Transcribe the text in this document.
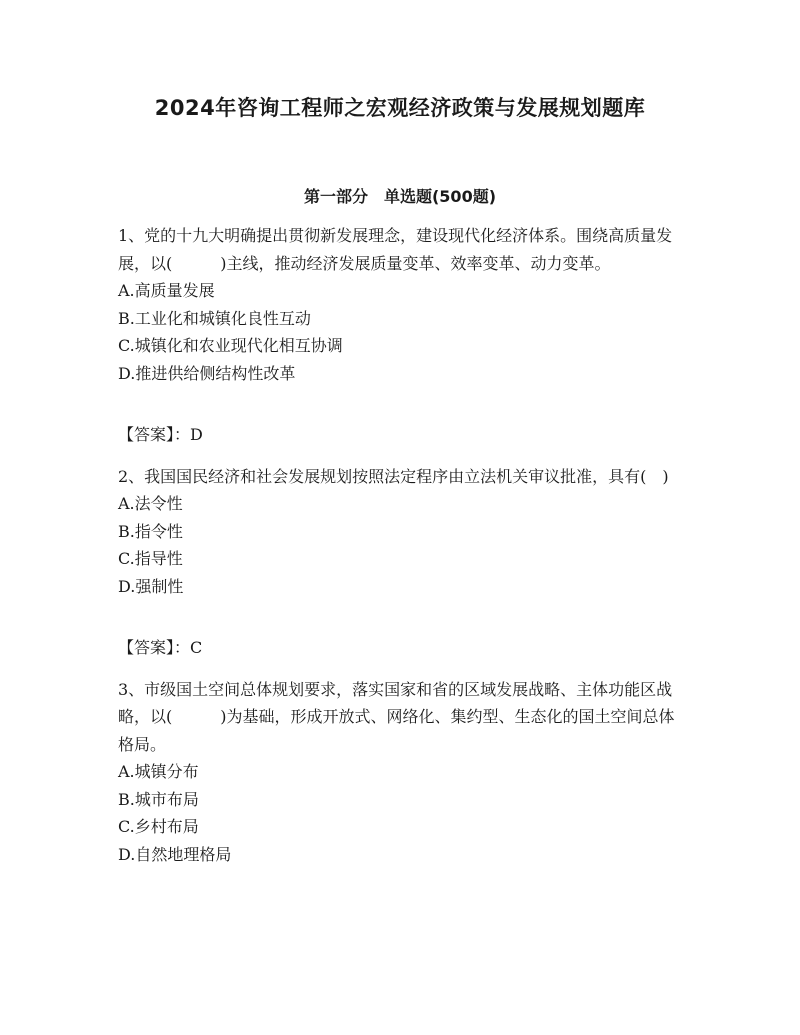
2024年咨询工程师之宏观经济政策与发展规划题库
第一部分　单选题(500题)

1、党的十九大明确提出贯彻新发展理念，建设现代化经济体系。围绕高质量发展，以(　　　)主线，推动经济发展质量变革、效率变革、动力变革。

A.高质量发展

B.工业化和城镇化良性互动

C.城镇化和农业现代化相互协调

D.推进供给侧结构性改革

【答案】：D

2、我国国民经济和社会发展规划按照法定程序由立法机关审议批准，具有(　)

A.法令性

B.指令性

C.指导性

D.强制性

【答案】：C

3、市级国土空间总体规划要求，落实国家和省的区域发展战略、主体功能区战略，以(　　　)为基础，形成开放式、网络化、集约型、生态化的国土空间总体格局。

A.城镇分布

B.城市布局

C.乡村布局

D.自然地理格局
